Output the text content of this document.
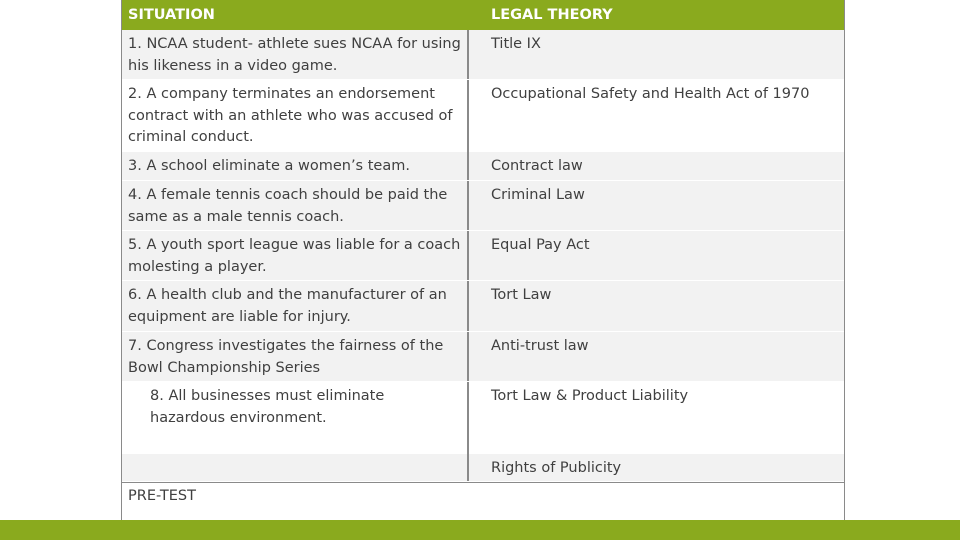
SITUATION	LEGAL THEORY
1. NCAA student- athlete sues NCAA for using his likeness in a video game.
Title IX
2. A company terminates an endorsement contract with an athlete who was accused of criminal conduct.
Occupational Safety and Health Act of 1970
3. A school eliminate a women’s team.	Contract law
4. A female tennis coach should be paid the same as a male tennis coach.
Criminal Law
5. A youth sport league was liable for a coach molesting a player.
Equal Pay Act
6. A health club and the manufacturer of an equipment are liable for injury.
Tort Law
7. Congress investigates the fairness of the Bowl Championship Series
Anti-trust law
8. All businesses must eliminate hazardous environment.
Tort Law & Product Liability
Rights of Publicity
PRE-TEST
